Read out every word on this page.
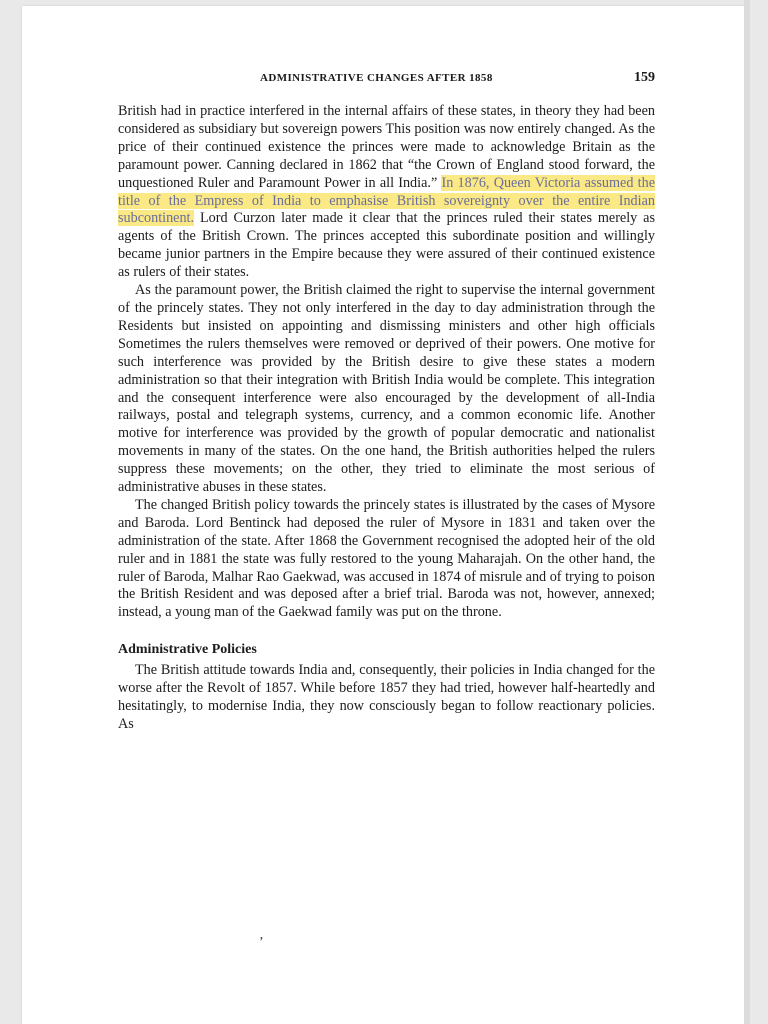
ADMINISTRATIVE CHANGES AFTER 1858	159

British had in practice interfered in the internal affairs of these states, in theory they had been considered as subsidiary but sovereign powers This position was now entirely changed. As the price of their continued existence the princes were made to acknowledge Britain as the paramount power. Canning declared in 1862 that “the Crown of England stood forward, the unquestioned Ruler and Paramount Power in all India.” In 1876, Queen Victoria assumed the title of the Empress of India to emphasise British sovereignty over the entire Indian subcontinent. Lord Curzon later made it clear that the princes ruled their states merely as agents of the British Crown. The princes accepted this subordinate position and willingly became junior partners in the Empire because they were assured of their continued existence as rulers of their states.

As the paramount power, the British claimed the right to supervise the internal government of the princely states. They not only interfered in the day to day administration through the Residents but insisted on appointing and dismissing ministers and other high officials Sometimes the rulers themselves were removed or deprived of their powers. One motive for such interference was provided by the British desire to give these states a modern administration so that their integration with British India would be complete. This integration and the consequent interference were also encouraged by the development of all-India railways, postal and telegraph systems, currency, and a common economic life. Another motive for interference was provided by the growth of popular democratic and nationalist movements in many of the states. On the one hand, the British authorities helped the rulers suppress these movements; on the other, they tried to eliminate the most serious of administrative abuses in these states.

The changed British policy towards the princely states is illustrated by the cases of Mysore and Baroda. Lord Bentinck had deposed the ruler of Mysore in 1831 and taken over the administration of the state. After 1868 the Government recognised the adopted heir of the old ruler and in 1881 the state was fully restored to the young Maharajah. On the other hand, the ruler of Baroda, Malhar Rao Gaekwad, was accused in 1874 of misrule and of trying to poison the British Resident and was deposed after a brief trial. Baroda was not, however, annexed; instead, a young man of the Gaekwad family was put on the throne.

Administrative Policies

The British attitude towards India and, consequently, their policies in India changed for the worse after the Revolt of 1857. While before 1857 they had tried, however half-heartedly and hesitatingly, to modernise India, they now consciously began to follow reactionary policies. As

’
